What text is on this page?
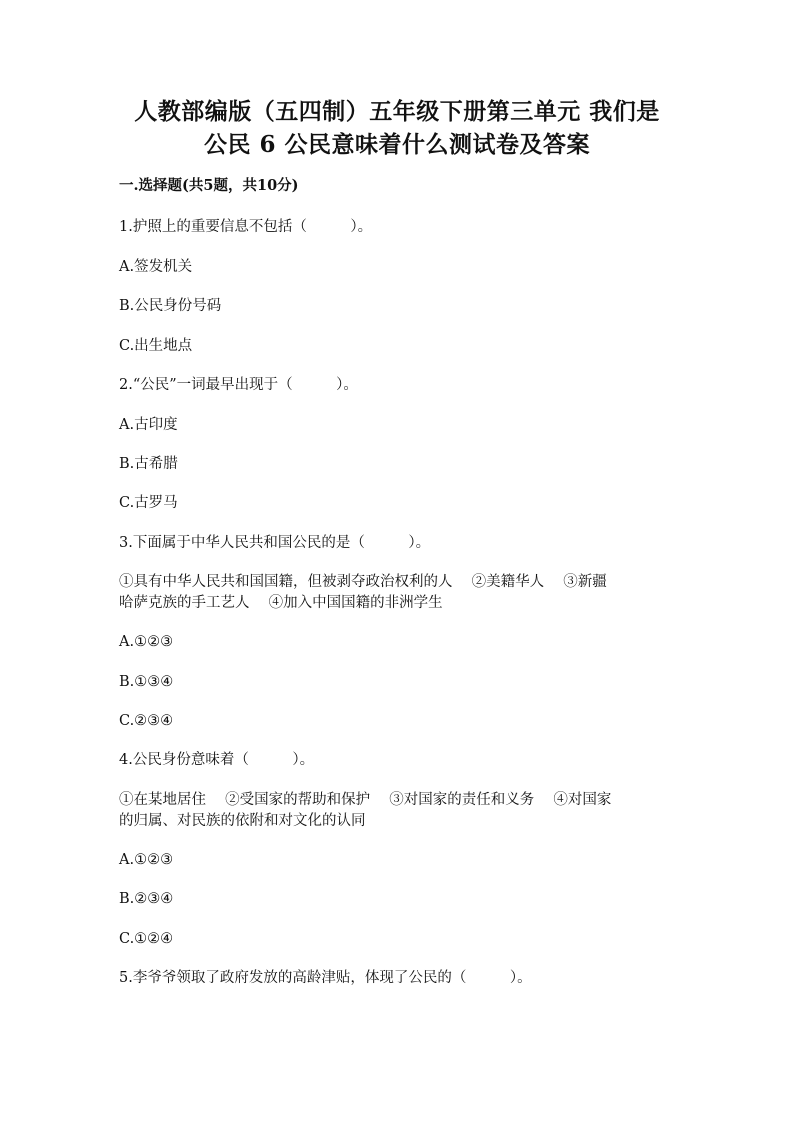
人教部编版（五四制）五年级下册第三单元 我们是
公民 6 公民意味着什么测试卷及答案
一.选择题(共5题，共10分)
1.护照上的重要信息不包括（　　　）。
A.签发机关
B.公民身份号码
C.出生地点
2.“公民”一词最早出现于（　　　）。
A.古印度
B.古希腊
C.古罗马
3.下面属于中华人民共和国公民的是（　　　）。
①具有中华人民共和国国籍，但被剥夺政治权利的人　 ②美籍华人　 ③新疆
哈萨克族的手工艺人　 ④加入中国国籍的非洲学生
A.①②③
B.①③④
C.②③④
4.公民身份意味着（　　　）。
①在某地居住　 ②受国家的帮助和保护　 ③对国家的责任和义务　 ④对国家
的归属、对民族的依附和对文化的认同
A.①②③
B.②③④
C.①②④
5.李爷爷领取了政府发放的高龄津贴，体现了公民的（　　　）。
